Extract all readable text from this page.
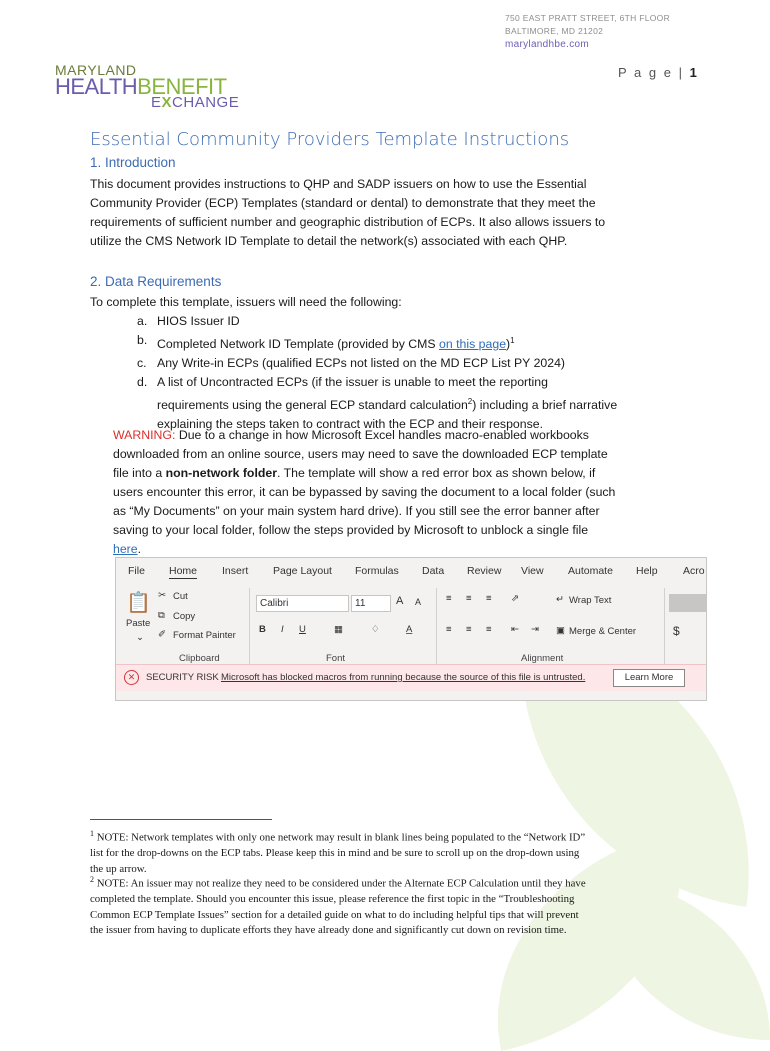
750 EAST PRATT STREET, 6TH FLOOR
BALTIMORE, MD 21202
marylandhbe.com
P a g e | 1
MARYLAND
HEALTHBENEFIT
EXCHANGE
Essential Community Providers Template Instructions
1. Introduction
This document provides instructions to QHP and SADP issuers on how to use the Essential
Community Provider (ECP) Templates (standard or dental) to demonstrate that they meet the
requirements of sufficient number and geographic distribution of ECPs. It also allows issuers to
utilize the CMS Network ID Template to detail the network(s) associated with each QHP.
2. Data Requirements
To complete this template, issuers will need the following:
a. HIOS Issuer ID
b. Completed Network ID Template (provided by CMS on this page)$^1$
c. Any Write-in ECPs (qualified ECPs not listed on the MD ECP List PY 2024)
d. A list of Uncontracted ECPs (if the issuer is unable to meet the reporting
requirements using the general ECP standard calculation$^2$) including a brief narrative
explaining the steps taken to contract with the ECP and their response.
WARNING: Due to a change in how Microsoft Excel handles macro-enabled workbooks
downloaded from an online source, users may need to save the downloaded ECP template
file into a non-network folder. The template will show a red error box as shown below, if
users encounter this error, it can be bypassed by saving the document to a local folder (such
as “My Documents” on your main system hard drive). If you still see the error banner after
saving to your local folder, follow the steps provided by Microsoft to unblock a single file
here.
File Home Insert Page Layout Formulas Data Review View Automate Help Acro
📋
Paste
⌄
✂ Cut
⧉ Copy
✐ Format Painter
Clipboard
Calibri	11	A A
B I U	▦	♢	A
Font
≡ ≡ ≡ ⇗
≡ ≡ ≡ ⇤ ⇥
↵ Wrap Text
▣ Merge & Center
Alignment
$
✕	SECURITY RISK Microsoft has blocked macros from running because the source of this file is untrusted.	Learn More
$^1$ NOTE: Network templates with only one network may result in blank lines being populated to the “Network ID”
list for the drop-downs on the ECP tabs. Please keep this in mind and be sure to scroll up on the drop-down using
the up arrow.
$^2$ NOTE: An issuer may not realize they need to be considered under the Alternate ECP Calculation until they have
completed the template. Should you encounter this issue, please reference the first topic in the “Troubleshooting
Common ECP Template Issues” section for a detailed guide on what to do including helpful tips that will prevent
the issuer from having to duplicate efforts they have already done and significantly cut down on revision time.
